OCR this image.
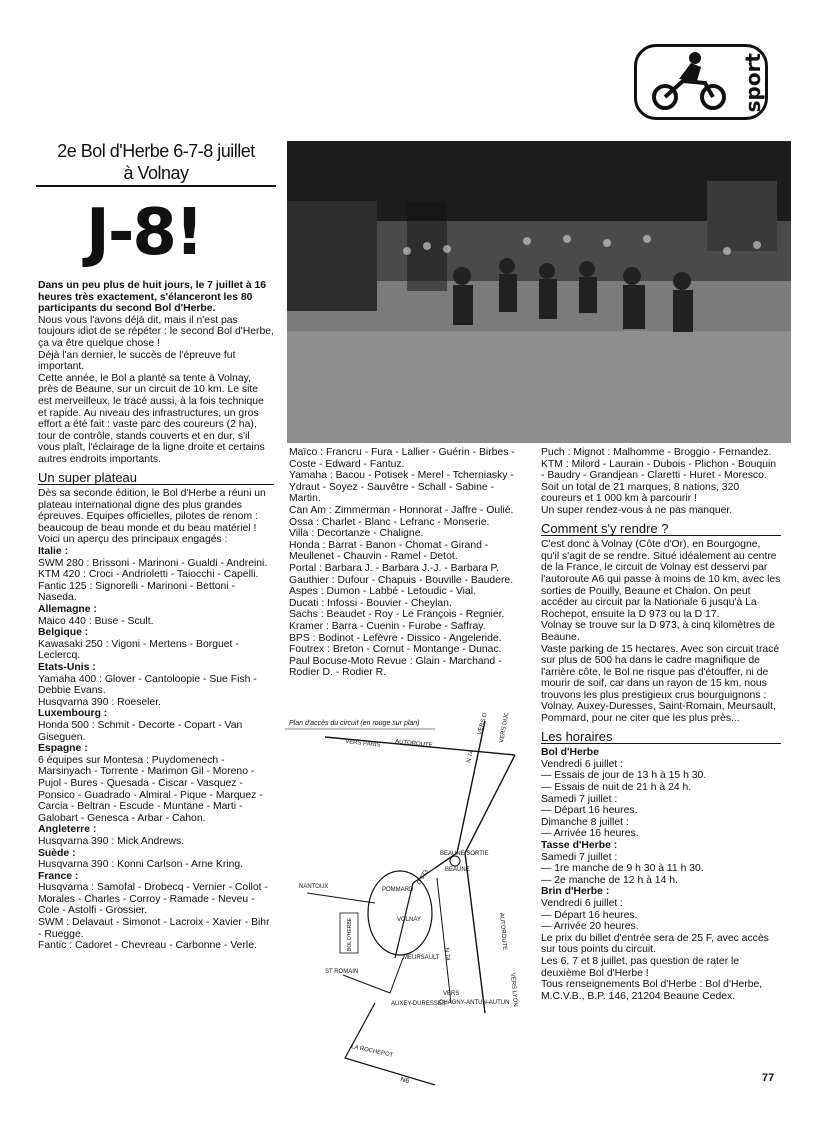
sport
2e Bol d'Herbe 6-7-8 juillet
à Volnay
J-8!

Dans un peu plus de huit jours, le 7 juillet à 16 heures très exactement, s'élanceront les 80 participants du second Bol d'Herbe.

Nous vous l'avons déjà dit, mais il n'est pas toujours idiot de se répéter : le second Bol d'Herbe, ça va être quelque chose !

Déjà l'an dernier, le succès de l'épreuve fut important.

Cette année, le Bol a planté sa tente à Volnay, près de Beaune, sur un circuit de 10 km. Le site est merveilleux, le tracé aussi, à la fois technique et rapide. Au niveau des infrastructures, un gros effort a été fait : vaste parc des coureurs (2 ha), tour de contrôle, stands couverts et en dur, s'il vous plaît, l'éclairage de la ligne droite et certains autres endroits importants.

Un super plateau

Dès sa seconde édition, le Bol d'Herbe a réuni un plateau international digne des plus grandes épreuves. Equipes officielles, pilotes de renom : beaucoup de beau monde et du beau matériel !

Voici un aperçu des principaux engagés :

Italie :

SWM 280 : Brissoni - Marinoni - Gualdi - Andreini.

KTM 420 : Croci - Andrioletti - Taiocchi - Capelli.

Fantic 125 : Signorelli - Marinoni - Bettoni - Naseda.

Allemagne :

Maico 440 : Buse - Scult.

Belgique :

Kawasaki 250 : Vigoni - Mertens - Borguet - Leclercq.

Etats-Unis :

Yamaha 400 : Glover - Cantoloopie - Sue Fish - Debbie Evans.

Husqvarna 390 : Roeseler.

Luxembourg :

Honda 500 : Schmit - Decorte - Copart - Van Giseguen.

Espagne :

6 équipes sur Montesa : Puydomenech - Marsinyach - Torrente - Marimon Gil - Moreno - Pujol - Bures - Quesada - Ciscar - Vasquez - Ponsico - Guadrado - Almiral - Pique - Marquez - Carcia - Beltran - Escude - Muntane - Marti - Galobart - Genesca - Arbar - Cahon.

Angleterre :

Husqvarna 390 : Mick Andrews.

Suède :

Husqvarna 390 : Konni Carlson - Arne Kring.

France :

Husqvarna : Samofal - Drobecq - Vernier - Collot - Morales - Charles - Corroy - Ramade - Neveu - Cole - Astolfi - Grossier.

SWM : Delavaut - Simonot - Lacroix - Xavier - Bihr - Ruegge.

Fantic : Cadoret - Chevreau - Carbonne - Verle.

Maïco : Francru - Fura - Lallier - Guérin - Birbes - Coste - Edward - Fantuz.

Yamaha : Bacou - Potisek - Merel - Tcherniasky - Ydraut - Soyez - Sauvêtre - Schall - Sabine - Martin.

Can Am : Zimmerman - Honnorat - Jaffre - Oulié.

Ossa : Charlet - Blanc - Lefranc - Monserie.

Villa : Decortanze - Chaligne.

Honda : Barrat - Banon - Chomat - Girand - Meullenet - Chauvin - Ramel - Detot.

Portal : Barbara J. - Barbara J.-J. - Barbara P.

Gauthier : Dufour - Chapuis - Bouville - Baudere.

Aspes : Dumon - Labbé - Letoudic - Vial.

Ducati : Infossi - Bouvier - Cheylan.

Sachs : Beaudet - Roy - Le François - Regnier.

Kramer : Barra - Cuenin - Furobe - Saffray.

BPS : Bodinot - Lefèvre - Dissico - Angeleride.

Foutrex : Breton - Cornut - Montange - Dunac.

Paul Bocuse-Moto Revue : Glain - Marchand - Rodier D. - Rodier R.

Plan d'accès du circuit (en rouge sur plan)
AUTOROUTE
VERS PARIS
N 74
VERS DIJON
VERS DIJON
AUTOROUTE
BEAUNE SORTIE
BEAUNE
NANTOUX	POMMARD
VOLNAY
D 973
BOL D'HERBE
MEURSAULT N 74
ST ROMAIN
AUXEY-DURESSES
VERS
CHAGNY-ANTUN-AUTUN VERS LYON
LA ROCHEPOT
N6

Puch : Mignot : Malhomme - Broggio - Fernandez.

KTM : Milord - Laurain - Dubois - Plichon - Bouquin - Baudry - Grandjean - Claretti - Huret - Moresco.

Soit un total de 21 marques, 8 nations, 320 coureurs et 1 000 km à parcourir !

Un super rendez-vous à ne pas manquer.

Comment s'y rendre ?

C'est donc à Volnay (Côte d'Or), en Bourgogne, qu'il s'agit de se rendre. Situé idéalement au centre de la France, le circuit de Volnay est desservi par l'autoroute A6 qui passe à moins de 10 km, avec les sorties de Pouilly, Beaune et Chalon. On peut accéder au circuit par la Nationale 6 jusqu'à La Rochepot, ensuite la D 973 ou la D 17.

Volnay se trouve sur la D 973, à cinq kilomètres de Beaune.

Vaste parking de 15 hectares. Avec son circuit tracé sur plus de 500 ha dans le cadre magnifique de l'arrière côte, le Bol ne risque pas d'étouffer, ni de mourir de soif, car dans un rayon de 15 km, nous trouvons les plus prestigieux crus bourguignons : Volnay, Auxey-Duresses, Saint-Romain, Meursault, Pommard, pour ne citer que les plus près...

Les horaires

Bol d'Herbe

Vendredi 6 juillet :

— Essais de jour de 13 h à 15 h 30.

— Essais de nuit de 21 h à 24 h.

Samedi 7 juillet :

— Départ 16 heures.

Dimanche 8 juillet :

— Arrivée 16 heures.

Tasse d'Herbe :

Samedi 7 juillet :

— 1re manche de 9 h 30 à 11 h 30.

— 2e manche de 12 h à 14 h.

Brin d'Herbe :

Vendredi 6 juillet :

— Départ 16 heures.

— Arrivée 20 heures.

Le prix du billet d'entrée sera de 25 F, avec accès sur tous points du circuit.

Les 6, 7 et 8 juillet, pas question de rater le deuxième Bol d'Herbe !

Tous renseignements Bol d'Herbe : Bol d'Herbe, M.C.V.B., B.P. 146, 21204 Beaune Cedex.

77
